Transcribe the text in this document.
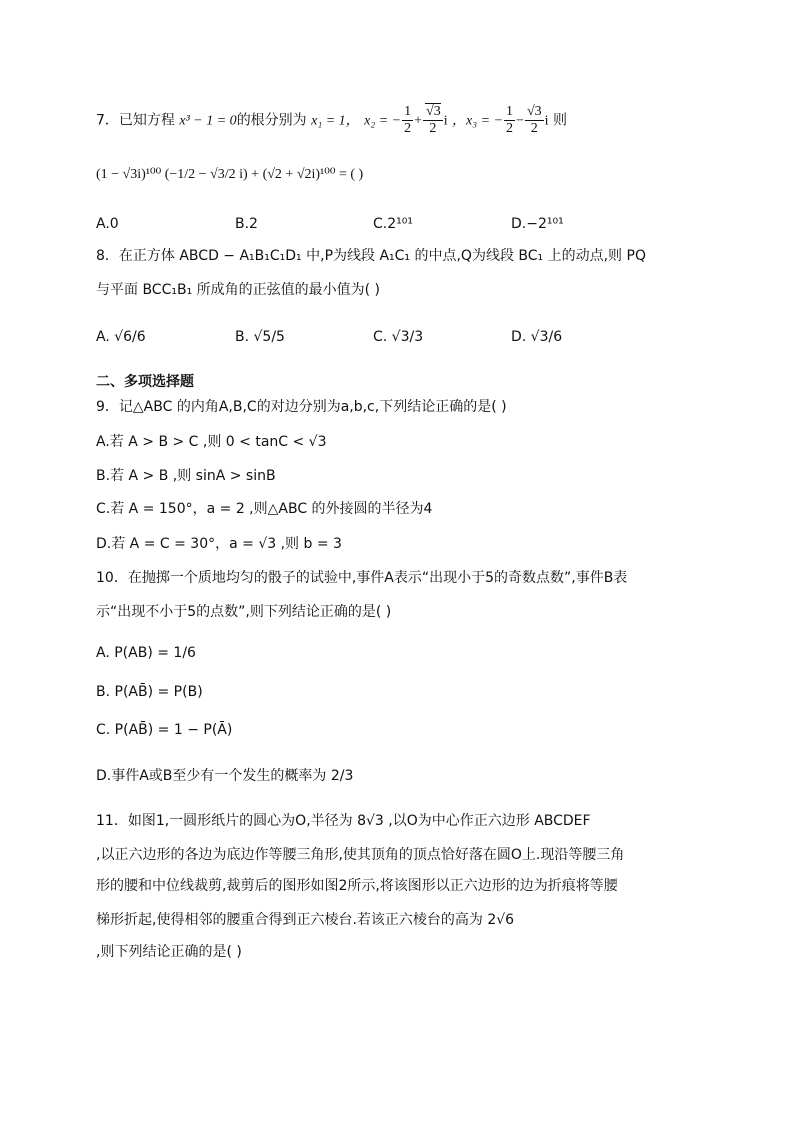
7．已知方程 x³ − 1 = 0的根分别为 x₁ = 1， x₂ = − $\frac{1}{2} + \frac{√3}{2}$ i ，x₃ = − $\frac{1}{2} - \frac{√3}{2}$ i 则
(1 − √3i)¹⁰⁰ (−1/2 − √3/2 i) + (√2 + √2i)¹⁰⁰ = ( )
A.0	B.2	C.2¹⁰¹	D.−2¹⁰¹
8．在正方体 ABCD − A₁B₁C₁D₁ 中,P为线段 A₁C₁ 的中点,Q为线段 BC₁ 上的动点,则 PQ
与平面 BCC₁B₁ 所成角的正弦值的最小值为( )
A. √6/6	B. √5/5	C. √3/3	D. √3/6
二、多项选择题
9．记△ABC 的内角A,B,C的对边分别为a,b,c,下列结论正确的是( )
A.若 A > B > C ,则 0 < tanC < √3
B.若 A > B ,则 sinA > sinB
C.若 A = 150°，a = 2 ,则△ABC 的外接圆的半径为4
D.若 A = C = 30°，a = √3 ,则 b = 3
10．在抛掷一个质地均匀的骰子的试验中,事件A表示“出现小于5的奇数点数”,事件B表
示“出现不小于5的点数”,则下列结论正确的是( )
A. P(AB) = 1/6
B. P(AB̄) = P(B)
C. P(AB̄) = 1 − P(Ā)
D.事件A或B至少有一个发生的概率为 2/3
11．如图1,一圆形纸片的圆心为O,半径为 8√3 ,以O为中心作正六边形 ABCDEF
,以正六边形的各边为底边作等腰三角形,使其顶角的顶点恰好落在圆O上.现沿等腰三角
形的腰和中位线裁剪,裁剪后的图形如图2所示,将该图形以正六边形的边为折痕将等腰
梯形折起,使得相邻的腰重合得到正六棱台.若该正六棱台的高为 2√6
,则下列结论正确的是( )
